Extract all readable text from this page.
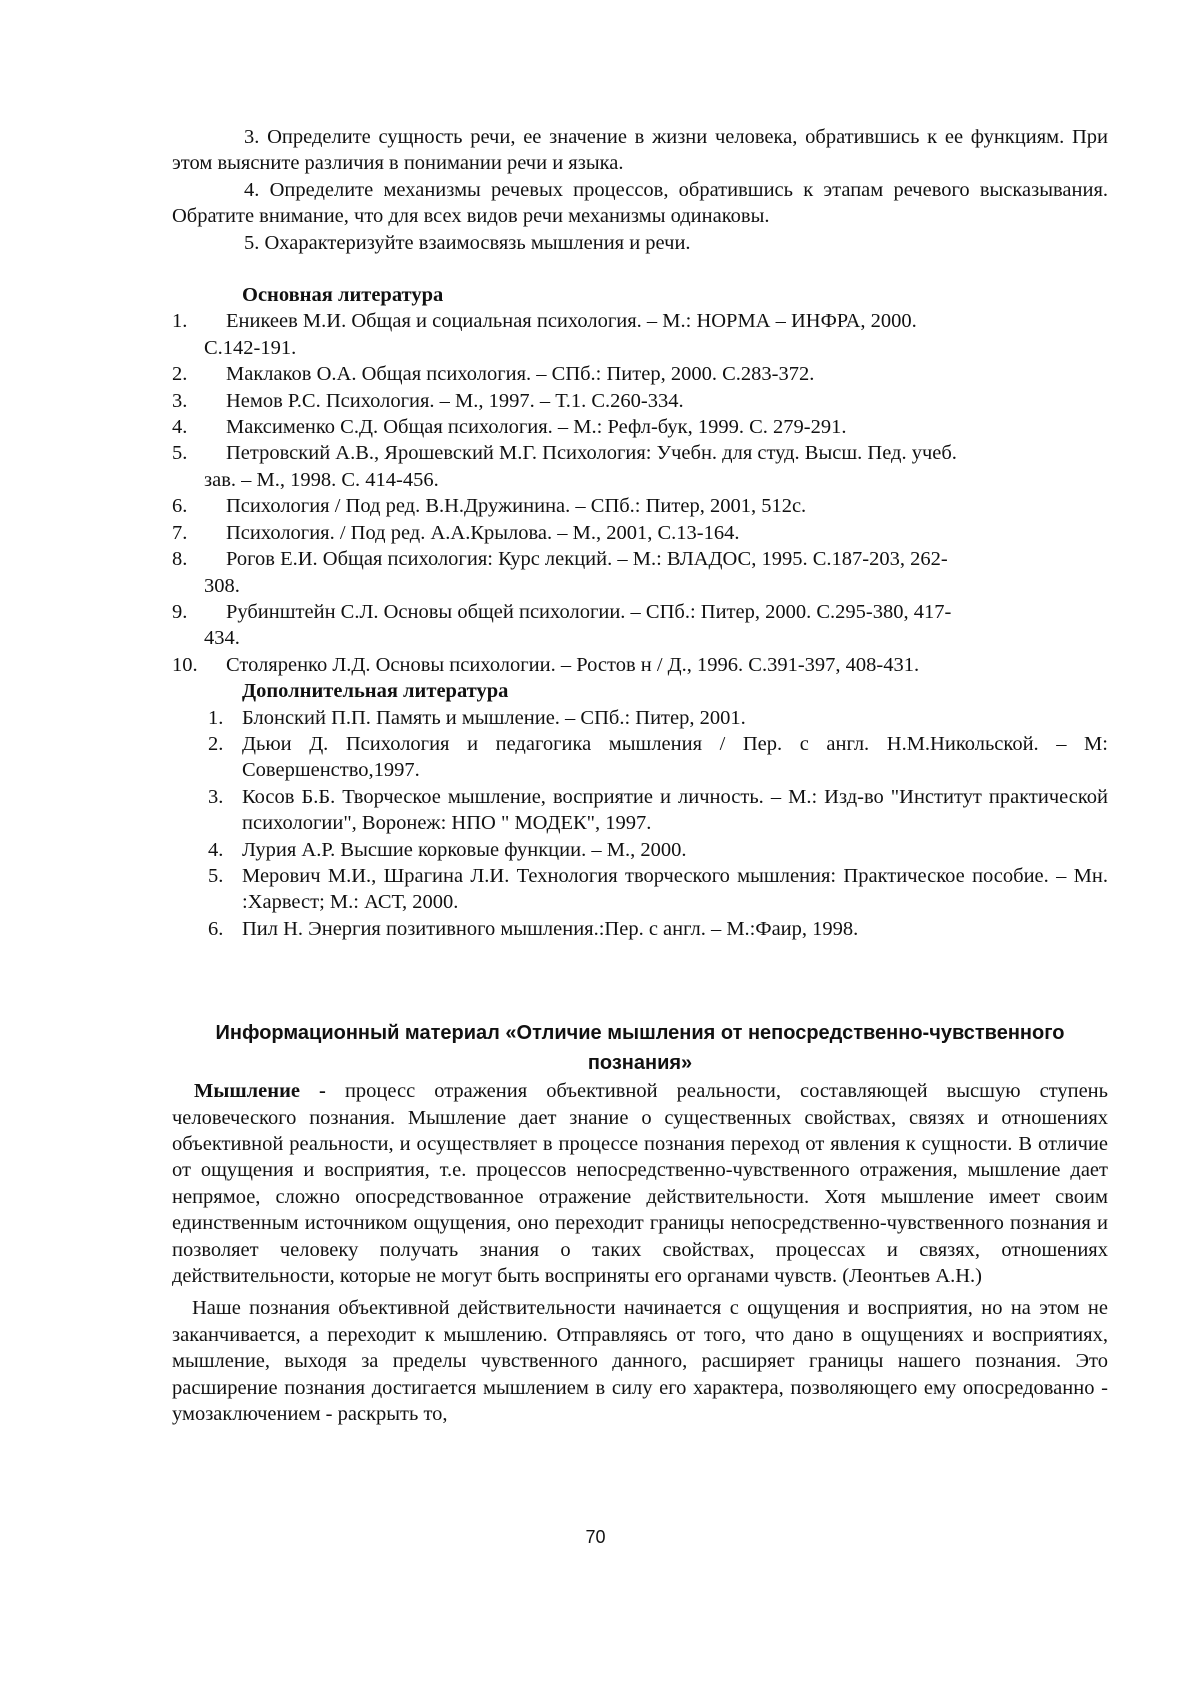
3. Определите сущность речи, ее значение в жизни человека, обратившись к ее функциям. При этом выясните различия в понимании речи и языка.

4. Определите механизмы речевых процессов, обратившись к этапам речевого высказывания. Обратите внимание, что для всех видов речи механизмы одинаковы.

5. Охарактеризуйте взаимосвязь мышления и речи.

Основная литература

1. Еникеев М.И. Общая и социальная психология. – М.: НОРМА – ИНФРА, 2000.
С.142-191.
2. Маклаков О.А. Общая психология. – СПб.: Питер, 2000. С.283-372.
3. Немов Р.С. Психология. – М., 1997. – Т.1. С.260-334.
4. Максименко С.Д. Общая психология. – М.: Рефл-бук, 1999. С. 279-291.
5. Петровский А.В., Ярошевский М.Г. Психология: Учебн. для студ. Высш. Пед. учеб.
зав. – М., 1998. С. 414-456.
6. Психология / Под ред. В.Н.Дружинина. – СПб.: Питер, 2001, 512с.
7. Психология. / Под ред. А.А.Крылова. – М., 2001, С.13-164.
8. Рогов Е.И. Общая психология: Курс лекций. – М.: ВЛАДОС, 1995. С.187-203, 262-
308.
9. Рубинштейн С.Л. Основы общей психологии. – СПб.: Питер, 2000. С.295-380, 417-
434.
10. Столяренко Л.Д. Основы психологии. – Ростов н / Д., 1996. С.391-397, 408-431.

Дополнительная литература

1. Блонский П.П. Память и мышление. – СПб.: Питер, 2001.
2. Дьюи Д. Психология и педагогика мышления / Пер. с англ. Н.М.Никольской. – М: Совершенство,1997.
3. Косов Б.Б. Творческое мышление, восприятие и личность. – М.: Изд-во "Институт практической психологии", Воронеж: НПО " МОДЕК", 1997.
4. Лурия А.Р. Высшие корковые функции. – М., 2000.
5. Мерович М.И., Шрагина Л.И. Технология творческого мышления: Практическое пособие. – Мн. :Харвест; М.: АСТ, 2000.
6. Пил Н. Энергия позитивного мышления.:Пер. с англ. – М.:Фаир, 1998.

Информационный материал «Отличие мышления от непосредственно-чувственного

познания»

Мышление - процесс отражения объективной реальности, составляющей высшую ступень человеческого познания. Мышление дает знание о существенных свойствах, связях и отношениях объективной реальности, и осуществляет в процессе познания переход от явления к сущности. В отличие от ощущения и восприятия, т.е. процессов непосредственно-чувственного отражения, мышление дает непрямое, сложно опосредствованное отражение действительности. Хотя мышление имеет своим единственным источником ощущения, оно переходит границы непосредственно-чувственного познания и позволяет человеку получать знания о таких свойствах, процессах и связях, отношениях действительности, которые не могут быть восприняты его органами чувств. (Леонтьев А.Н.)

Наше познания объективной действительности начинается с ощущения и восприятия, но на этом не заканчивается, а переходит к мышлению. Отправляясь от того, что дано в ощущениях и восприятиях, мышление, выходя за пределы чувственного данного, расширяет границы нашего познания. Это расширение познания достигается мышлением в силу его характера, позволяющего ему опосредованно - умозаключением - раскрыть то,

70
